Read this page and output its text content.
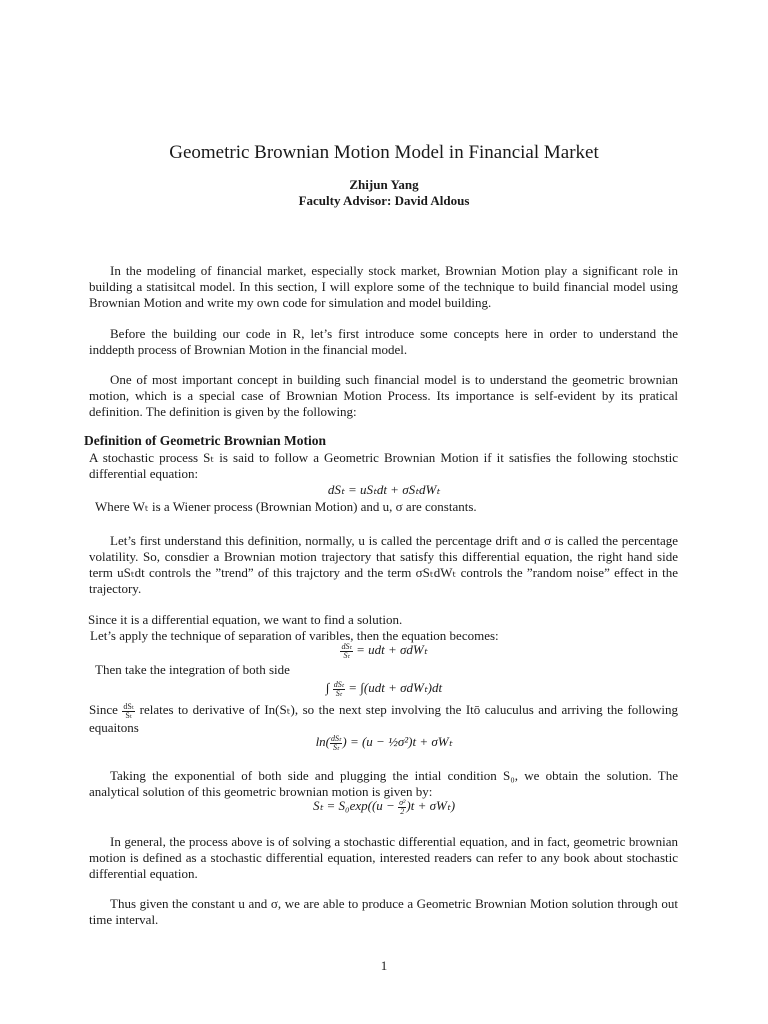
Geometric Brownian Motion Model in Financial Market
Zhijun Yang
Faculty Advisor: David Aldous
In the modeling of financial market, especially stock market, Brownian Motion play a significant role in building a statisitcal model. In this section, I will explore some of the technique to build financial model using Brownian Motion and write my own code for simulation and model building.
Before the building our code in R, let’s first introduce some concepts here in order to understand the inddepth process of Brownian Motion in the financial model.
One of most important concept in building such financial model is to understand the geometric brownian motion, which is a special case of Brownian Motion Process. Its importance is self-evident by its pratical definition. The definition is given by the following:
Definition of Geometric Brownian Motion
A stochastic process Sₜ is said to follow a Geometric Brownian Motion if it satisfies the following stochstic differential equation:
dSₜ = uSₜdt + σSₜdWₜ
Where Wₜ is a Wiener process (Brownian Motion) and u, σ are constants.
Let’s first understand this definition, normally, u is called the percentage drift and σ is called the percentage volatility. So, consdier a Brownian motion trajectory that satisfy this differential equation, the right hand side term uSₜdt controls the ”trend” of this trajctory and the term σSₜdWₜ controls the ”random noise” effect in the trajectory.
Since it is a differential equation, we want to find a solution.
Let’s apply the technique of separation of varibles, then the equation becomes:
$\frac{\text{dSₜ}}{\text{Sₜ}}$ = udt + σdWₜ
Then take the integration of both side
∫ $\frac{\text{dSₜ}}{\text{Sₜ}} = \int(udt + \sigma dW_t)dt$
Since $\frac{\text{dSₜ}}{\text{Sₜ}}$ relates to derivative of In(Sₜ), so the next step involving the Itō caluculus and arriving the following equaitons
$\ln( \frac{\text{dSₜ}}{\text{Sₜ}}$ ) = (u − ½σ²)t + σWₜ
Taking the exponential of both side and plugging the intial condition S₀, we obtain the solution. The analytical solution of this geometric brownian motion is given by:
$S_t = S_0\exp((u - \frac{\text{σ²}}{2} )t + \sigma W_t)$
In general, the process above is of solving a stochastic differential equation, and in fact, geometric brownian motion is defined as a stochastic differential equation, interested readers can refer to any book about stochastic differential equation.
Thus given the constant u and σ, we are able to produce a Geometric Brownian Motion solution through out time interval.
1
